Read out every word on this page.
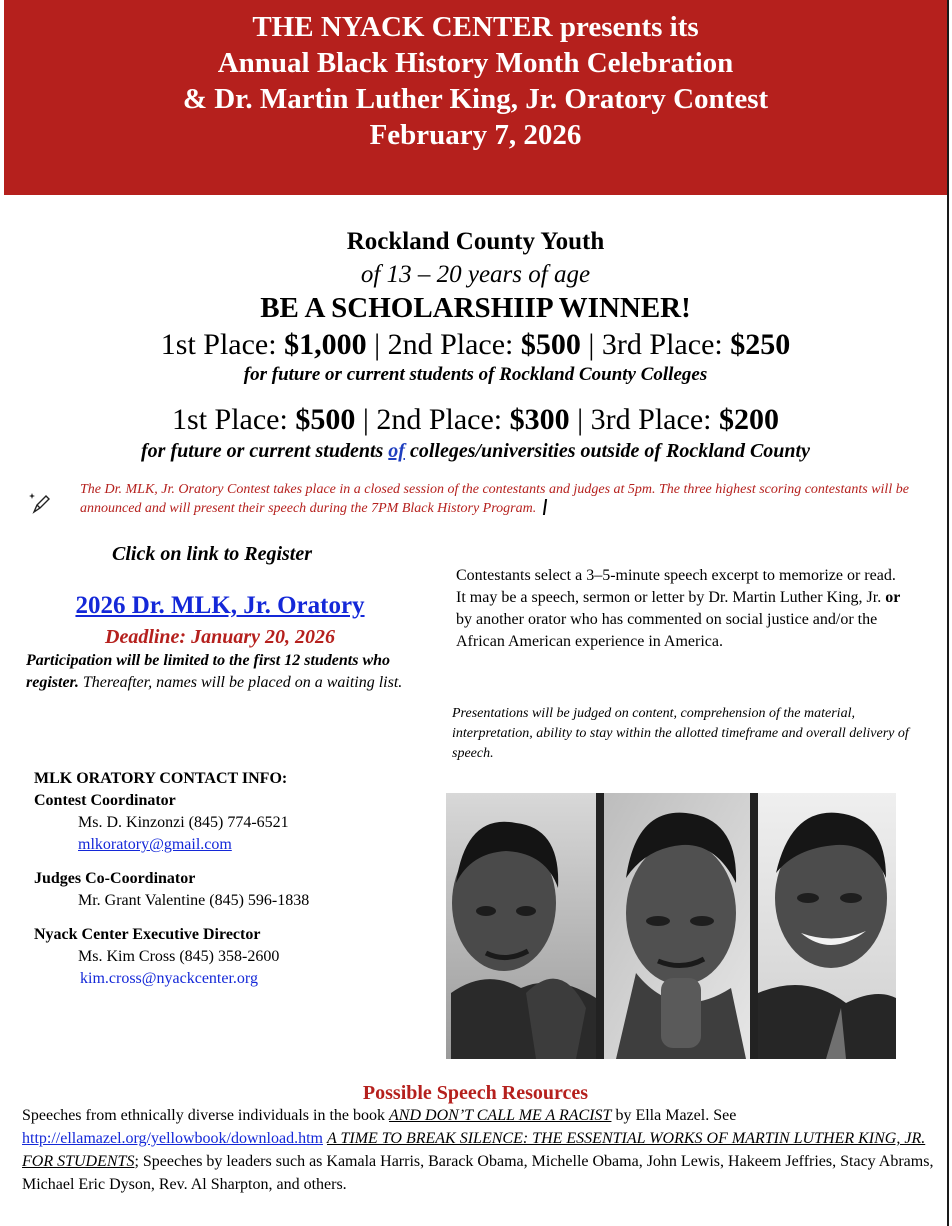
THE NYACK CENTER presents its
Annual Black History Month Celebration
& Dr. Martin Luther King, Jr. Oratory Contest
February 7, 2026
Rockland County Youth
of 13 – 20 years of age
BE A SCHOLARSHIIP WINNER!
1st Place: $1,000 | 2nd Place: $500 | 3rd Place: $250
for future or current students of Rockland County Colleges
1st Place: $500 | 2nd Place: $300 | 3rd Place: $200
for future or current students of colleges/universities outside of Rockland County
The Dr. MLK, Jr. Oratory Contest takes place in a closed session of the contestants and judges at 5pm. The three highest scoring contestants will be announced and will present their speech during the 7PM Black History Program.
Click on link to Register
2026 Dr. MLK, Jr. Oratory
Deadline: January 20, 2026
Participation will be limited to the first 12 students who register. Thereafter, names will be placed on a waiting list.
Contestants select a 3–5-minute speech excerpt to memorize or read. It may be a speech, sermon or letter by Dr. Martin Luther King, Jr. or by another orator who has commented on social justice and/or the African American experience in America.
Presentations will be judged on content, comprehension of the material, interpretation, ability to stay within the allotted timeframe and overall delivery of speech.
MLK ORATORY CONTACT INFO:
Contest Coordinator
Ms. D. Kinzonzi (845) 774-6521
mlkoratory@gmail.com
Judges Co-Coordinator
Mr. Grant Valentine (845) 596-1838
Nyack Center Executive Director
Ms. Kim Cross (845) 358-2600
kim.cross@nyackcenter.org
Possible Speech Resources
Speeches from ethnically diverse individuals in the book AND DON’T CALL ME A RACIST by Ella Mazel. See http://ellamazel.org/yellowbook/download.htm A TIME TO BREAK SILENCE: THE ESSENTIAL WORKS OF MARTIN LUTHER KING, JR. FOR STUDENTS; Speeches by leaders such as Kamala Harris, Barack Obama, Michelle Obama, John Lewis, Hakeem Jeffries, Stacy Abrams, Michael Eric Dyson, Rev. Al Sharpton, and others.
